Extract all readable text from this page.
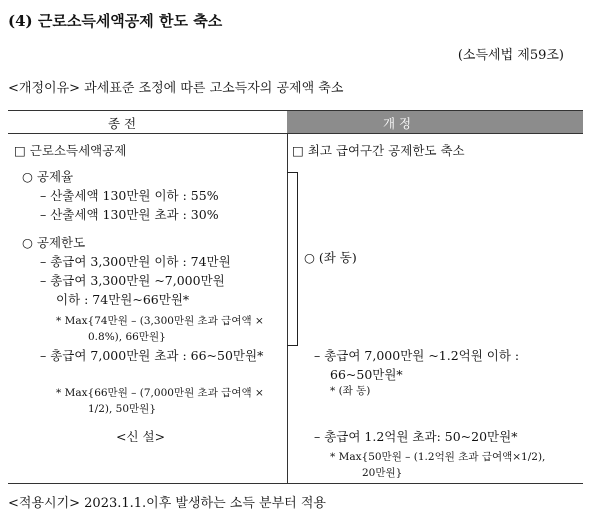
(4) 근로소득세액공제 한도 축소
(소득세법 제59조)
<개정이유> 과세표준 조정에 따른 고소득자의 공제액 축소
종 전	개 정
□ 근로소득세액공제
○ 공제율
– 산출세액 130만원 이하 : 55%
– 산출세액 130만원 초과 : 30%
○ 공제한도
– 총급여 3,300만원 이하 : 74만원
– 총급여 3,300만원 ~7,000만원
이하 : 74만원~66만원*
* Max{74만원 – (3,300만원 초과 급여액 ×
0.8%), 66만원}
– 총급여 7,000만원 초과 : 66~50만원*
* Max{66만원 – (7,000만원 초과 급여액 ×
1/2), 50만원}
<신 설>
□ 최고 급여구간 공제한도 축소
○ (좌 동)
– 총급여 7,000만원 ~1.2억원 이하 :
66~50만원*
* (좌 동)
– 총급여 1.2억원 초과: 50~20만원*
* Max{50만원 – (1.2억원 초과 급여액×1/2),
20만원}
<적용시기> 2023.1.1.이후 발생하는 소득 분부터 적용
